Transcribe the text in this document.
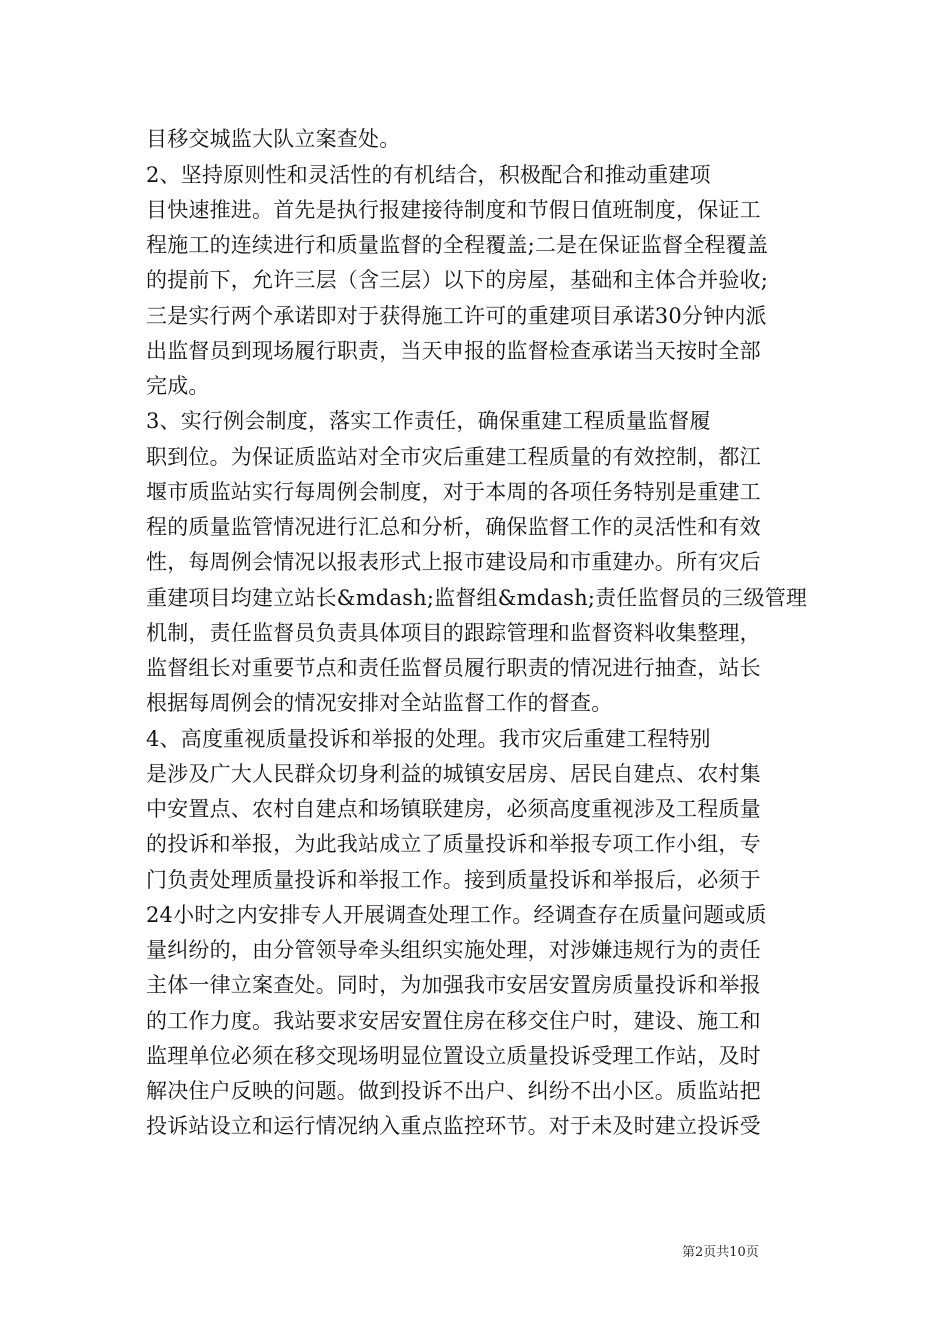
目移交城监大队立案查处。
2、坚持原则性和灵活性的有机结合，积极配合和推动重建项
目快速推进。首先是执行报建接待制度和节假日值班制度，保证工
程施工的连续进行和质量监督的全程覆盖;二是在保证监督全程覆盖
的提前下，允许三层（含三层）以下的房屋，基础和主体合并验收;
三是实行两个承诺即对于获得施工许可的重建项目承诺30分钟内派
出监督员到现场履行职责，当天申报的监督检查承诺当天按时全部
完成。
3、实行例会制度，落实工作责任，确保重建工程质量监督履
职到位。为保证质监站对全市灾后重建工程质量的有效控制，都江
堰市质监站实行每周例会制度，对于本周的各项任务特别是重建工
程的质量监管情况进行汇总和分析，确保监督工作的灵活性和有效
性，每周例会情况以报表形式上报市建设局和市重建办。所有灾后
重建项目均建立站长&mdash;监督组&mdash;责任监督员的三级管理
机制，责任监督员负责具体项目的跟踪管理和监督资料收集整理，
监督组长对重要节点和责任监督员履行职责的情况进行抽查，站长
根据每周例会的情况安排对全站监督工作的督查。
4、高度重视质量投诉和举报的处理。我市灾后重建工程特别
是涉及广大人民群众切身利益的城镇安居房、居民自建点、农村集
中安置点、农村自建点和场镇联建房，必须高度重视涉及工程质量
的投诉和举报，为此我站成立了质量投诉和举报专项工作小组，专
门负责处理质量投诉和举报工作。接到质量投诉和举报后，必须于
24小时之内安排专人开展调查处理工作。经调查存在质量问题或质
量纠纷的，由分管领导牵头组织实施处理，对涉嫌违规行为的责任
主体一律立案查处。同时，为加强我市安居安置房质量投诉和举报
的工作力度。我站要求安居安置住房在移交住户时，建设、施工和
监理单位必须在移交现场明显位置设立质量投诉受理工作站，及时
解决住户反映的问题。做到投诉不出户、纠纷不出小区。质监站把
投诉站设立和运行情况纳入重点监控环节。对于未及时建立投诉受
第2页共10页
